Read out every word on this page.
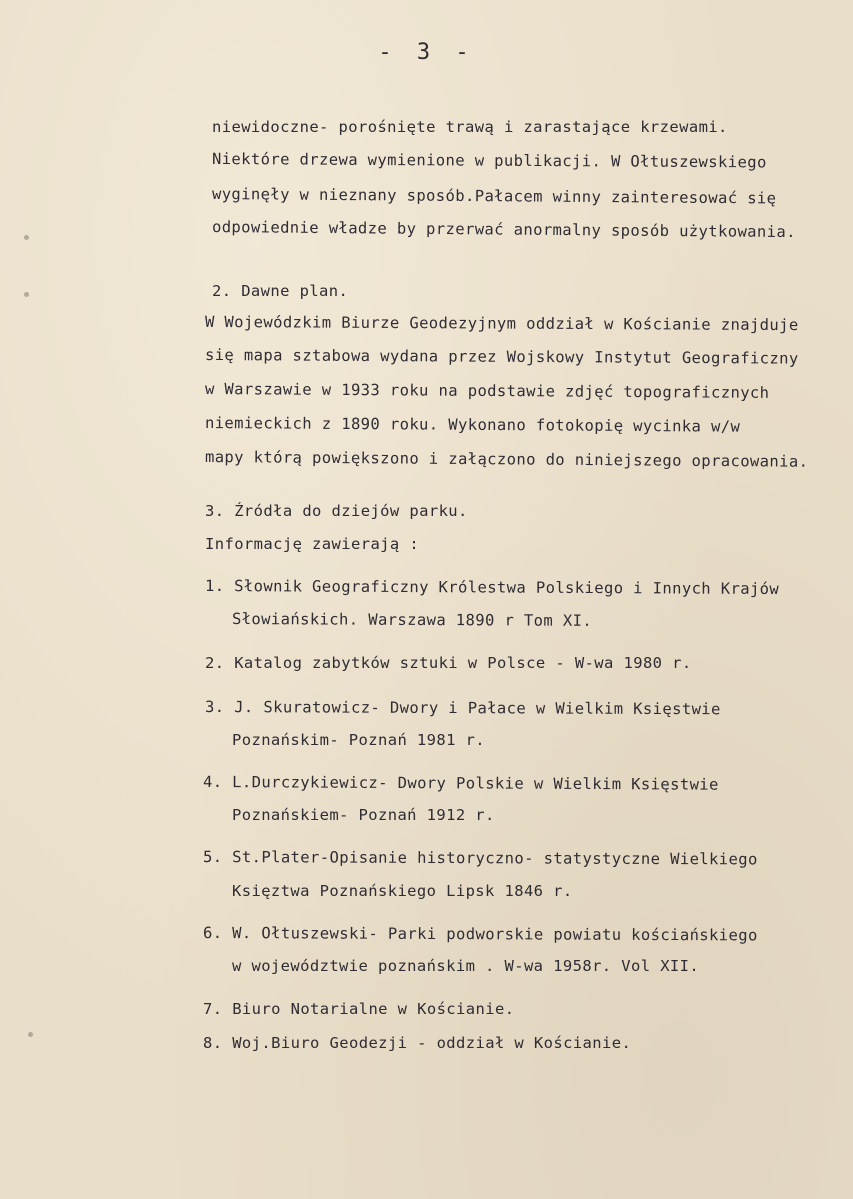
- 3 -
niewidoczne- porośnięte trawą i zarastające krzewami.
Niektóre drzewa wymienione w publikacji. W Ołtuszewskiego
wyginęły w nieznany sposób.Pałacem winny zainteresować się
odpowiednie władze by przerwać anormalny sposób użytkowania.
2. Dawne plan.
W Wojewódzkim Biurze Geodezyjnym oddział w Kościanie znajduje
się mapa sztabowa wydana przez Wojskowy Instytut Geograficzny
w Warszawie w 1933 roku na podstawie zdjęć topograficznych
niemieckich z 1890 roku. Wykonano fotokopię wycinka w/w
mapy którą powiększono i załączono do niniejszego opracowania.
3. Źródła do dziejów parku.
Informację zawierają :
1. Słownik Geograficzny Królestwa Polskiego i Innych Krajów
Słowiańskich. Warszawa 1890 r Tom XI.
2. Katalog zabytków sztuki w Polsce - W-wa 1980 r.
3. J. Skuratowicz- Dwory i Pałace w Wielkim Księstwie
Poznańskim- Poznań 1981 r.
4. L.Durczykiewicz- Dwory Polskie w Wielkim Księstwie
Poznańskiem- Poznań 1912 r.
5. St.Plater-Opisanie historyczno- statystyczne Wielkiego
Księztwa Poznańskiego Lipsk 1846 r.
6. W. Ołtuszewski- Parki podworskie powiatu kościańskiego
w województwie poznańskim . W-wa 1958r. Vol XII.
7. Biuro Notarialne w Kościanie.
8. Woj.Biuro Geodezji - oddział w Kościanie.
